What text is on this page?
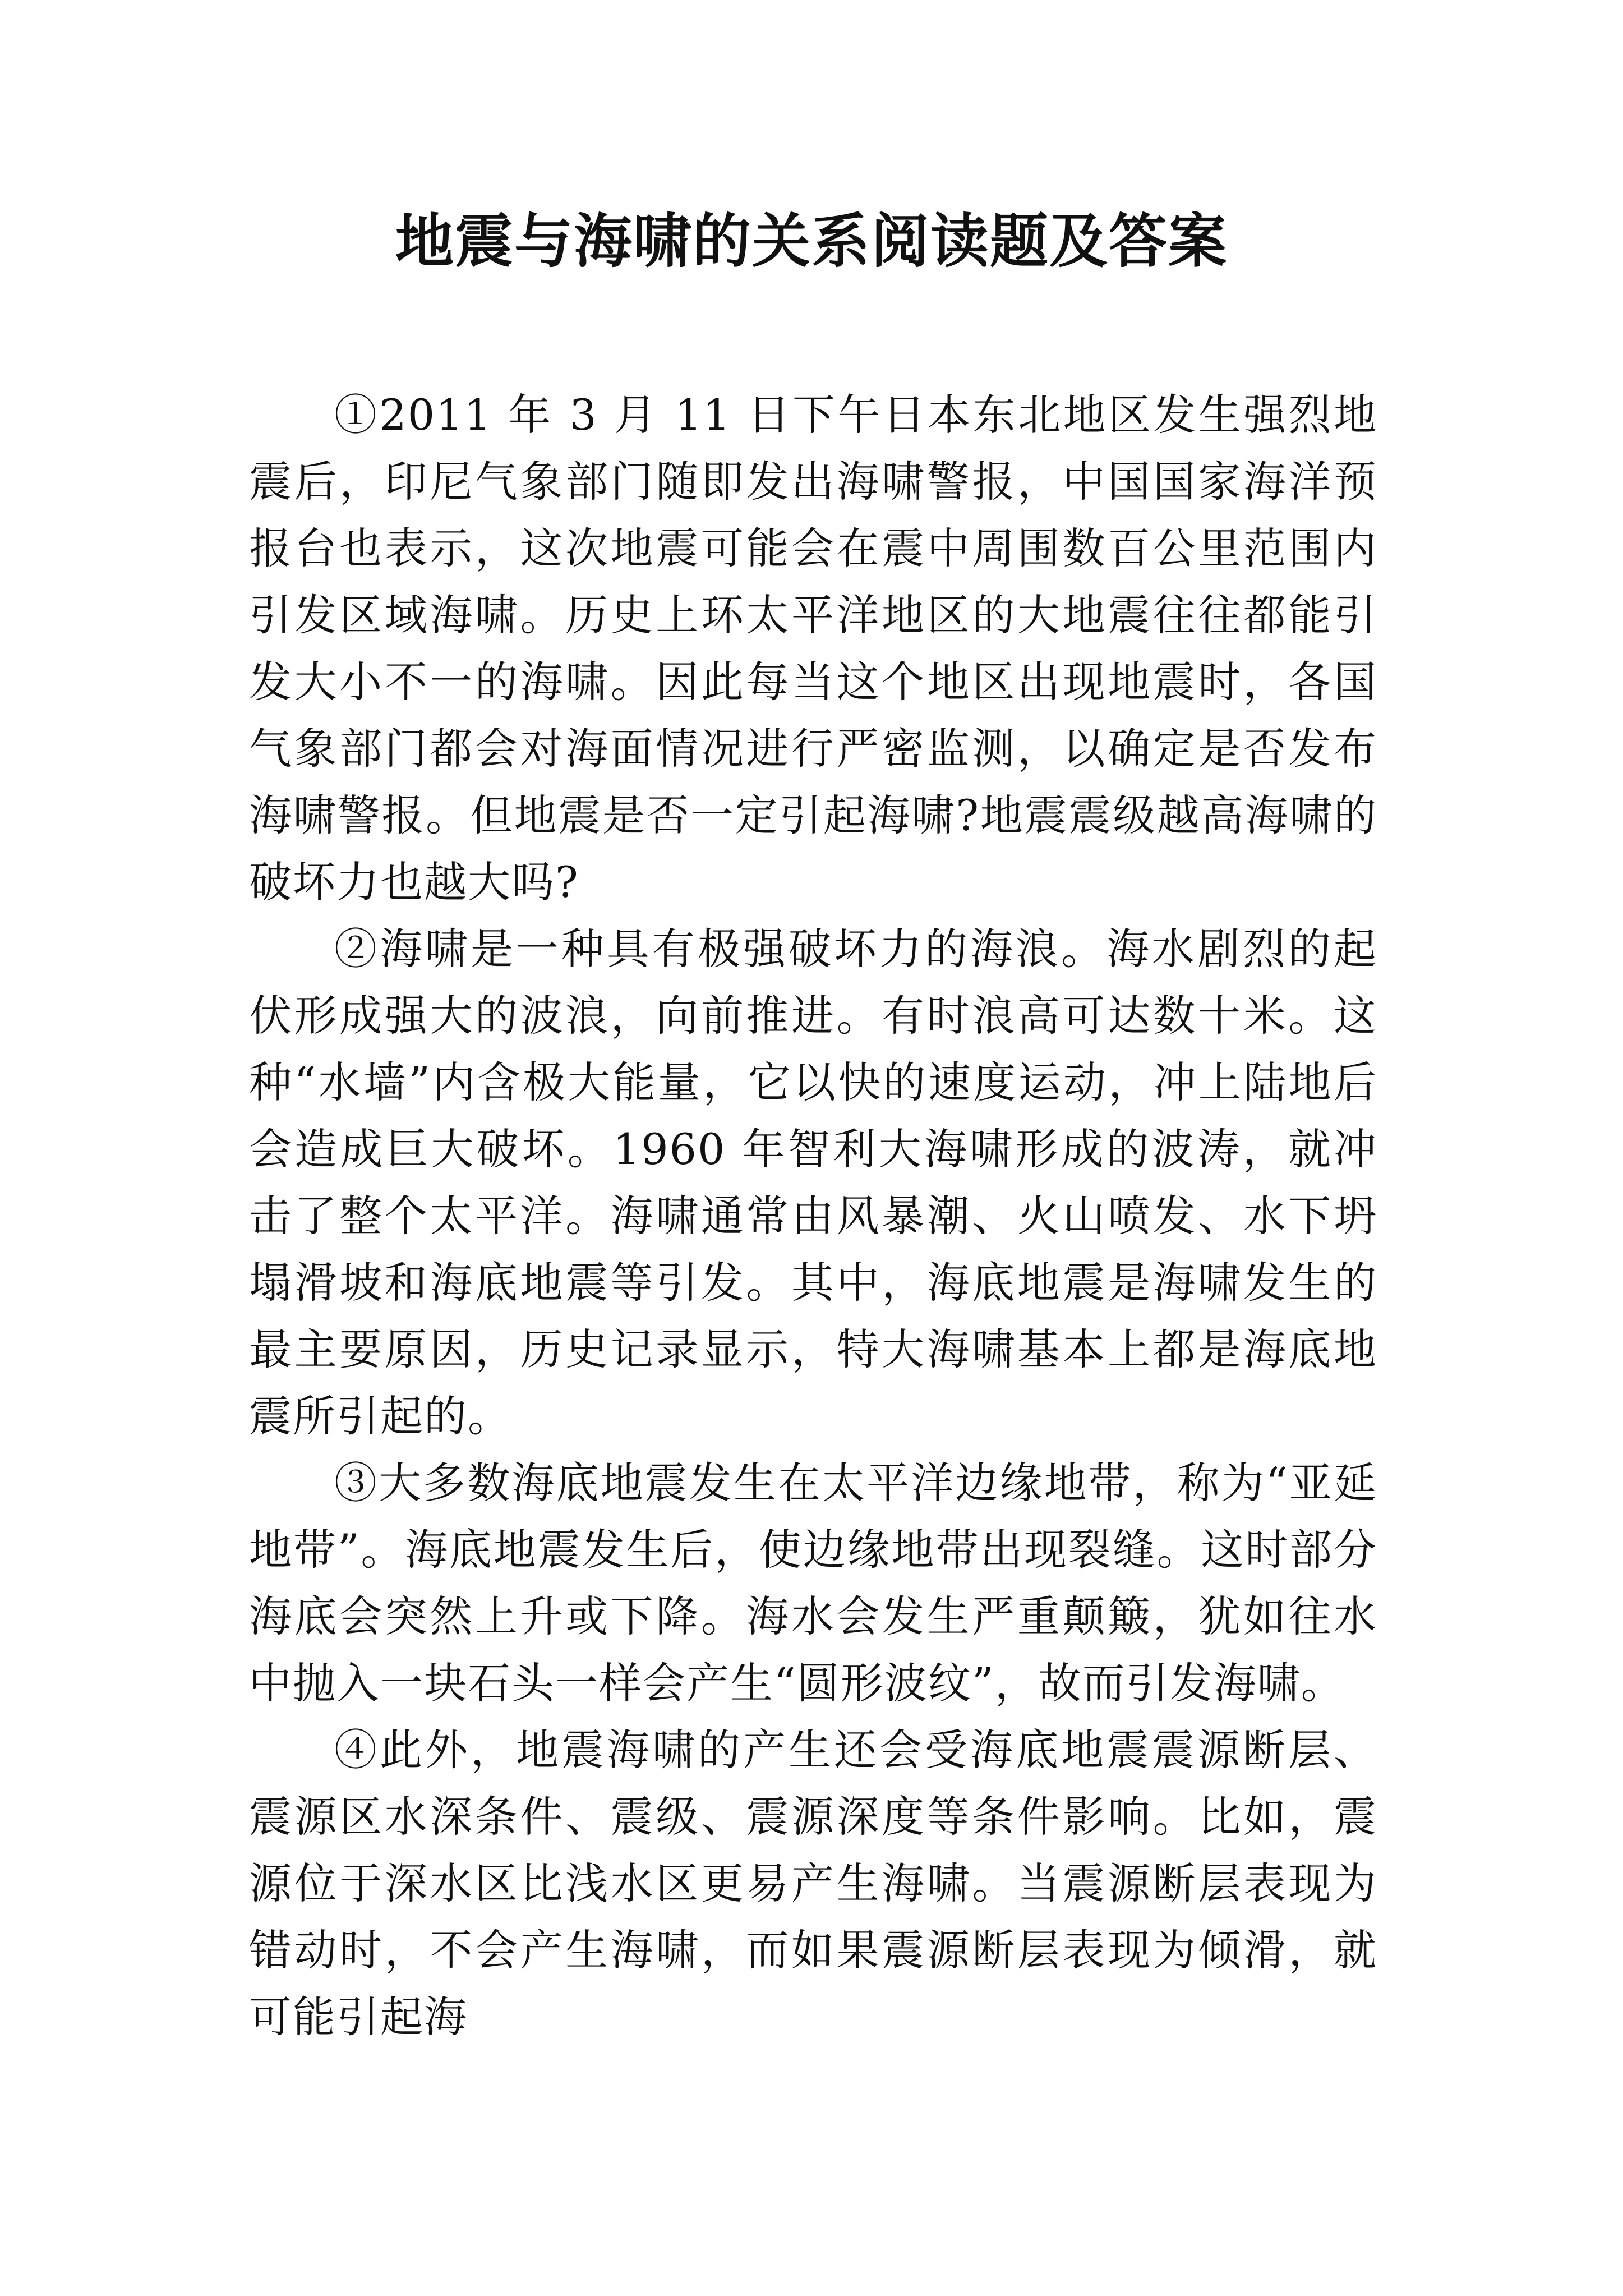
地震与海啸的关系阅读题及答案

①2011 年 3 月 11 日下午日本东北地区发生强烈地震后，印尼气象部门随即发出海啸警报，中国国家海洋预报台也表示，这次地震可能会在震中周围数百公里范围内引发区域海啸。历史上环太平洋地区的大地震往往都能引发大小不一的海啸。因此每当这个地区出现地震时，各国气象部门都会对海面情况进行严密监测，以确定是否发布海啸警报。但地震是否一定引起海啸?地震震级越高海啸的破坏力也越大吗?

②海啸是一种具有极强破坏力的海浪。海水剧烈的起伏形成强大的波浪，向前推进。有时浪高可达数十米。这种“水墙”内含极大能量，它以快的速度运动，冲上陆地后会造成巨大破坏。1960 年智利大海啸形成的波涛，就冲击了整个太平洋。海啸通常由风暴潮、火山喷发、水下坍塌滑坡和海底地震等引发。其中，海底地震是海啸发生的最主要原因，历史记录显示，特大海啸基本上都是海底地震所引起的。

③大多数海底地震发生在太平洋边缘地带，称为“亚延地带”。海底地震发生后，使边缘地带出现裂缝。这时部分海底会突然上升或下降。海水会发生严重颠簸，犹如往水中抛入一块石头一样会产生“圆形波纹”，故而引发海啸。

④此外，地震海啸的产生还会受海底地震震源断层、震源区水深条件、震级、震源深度等条件影响。比如，震源位于深水区比浅水区更易产生海啸。当震源断层表现为错动时，不会产生海啸，而如果震源断层表现为倾滑，就可能引起海
